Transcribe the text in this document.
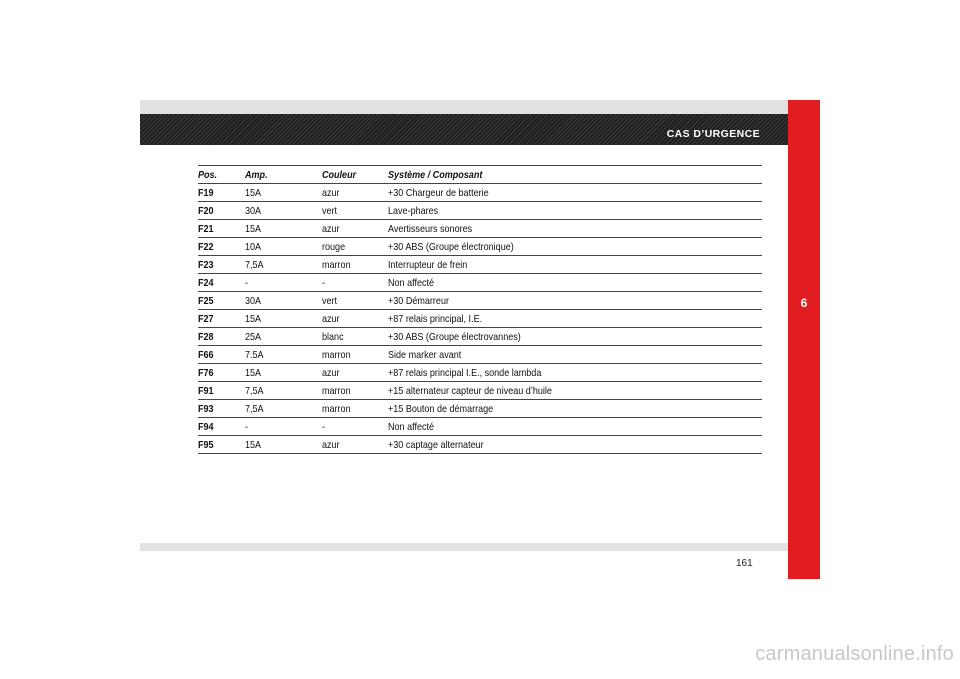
CAS D’URGENCE
6
Pos.	Amp.	Couleur	Système / Composant
F19	15A	azur	+30 Chargeur de batterie
F20	30A	vert	Lave-phares
F21	15A	azur	Avertisseurs sonores
F22	10A	rouge	+30 ABS (Groupe électronique)
F23	7,5A	marron	Interrupteur de frein
F24	-	-	Non affecté
F25	30A	vert	+30 Démarreur
F27	15A	azur	+87 relais principal, I.E.
F28	25A	blanc	+30 ABS (Groupe électrovannes)
F66	7.5A	marron	Side marker avant
F76	15A	azur	+87 relais principal I.E., sonde lambda
F91	7,5A	marron	+15 alternateur capteur de niveau d’huile
F93	7,5A	marron	+15 Bouton de démarrage
F94	-	-	Non affecté
F95	15A	azur	+30 captage alternateur
161
carmanualsonline.info
